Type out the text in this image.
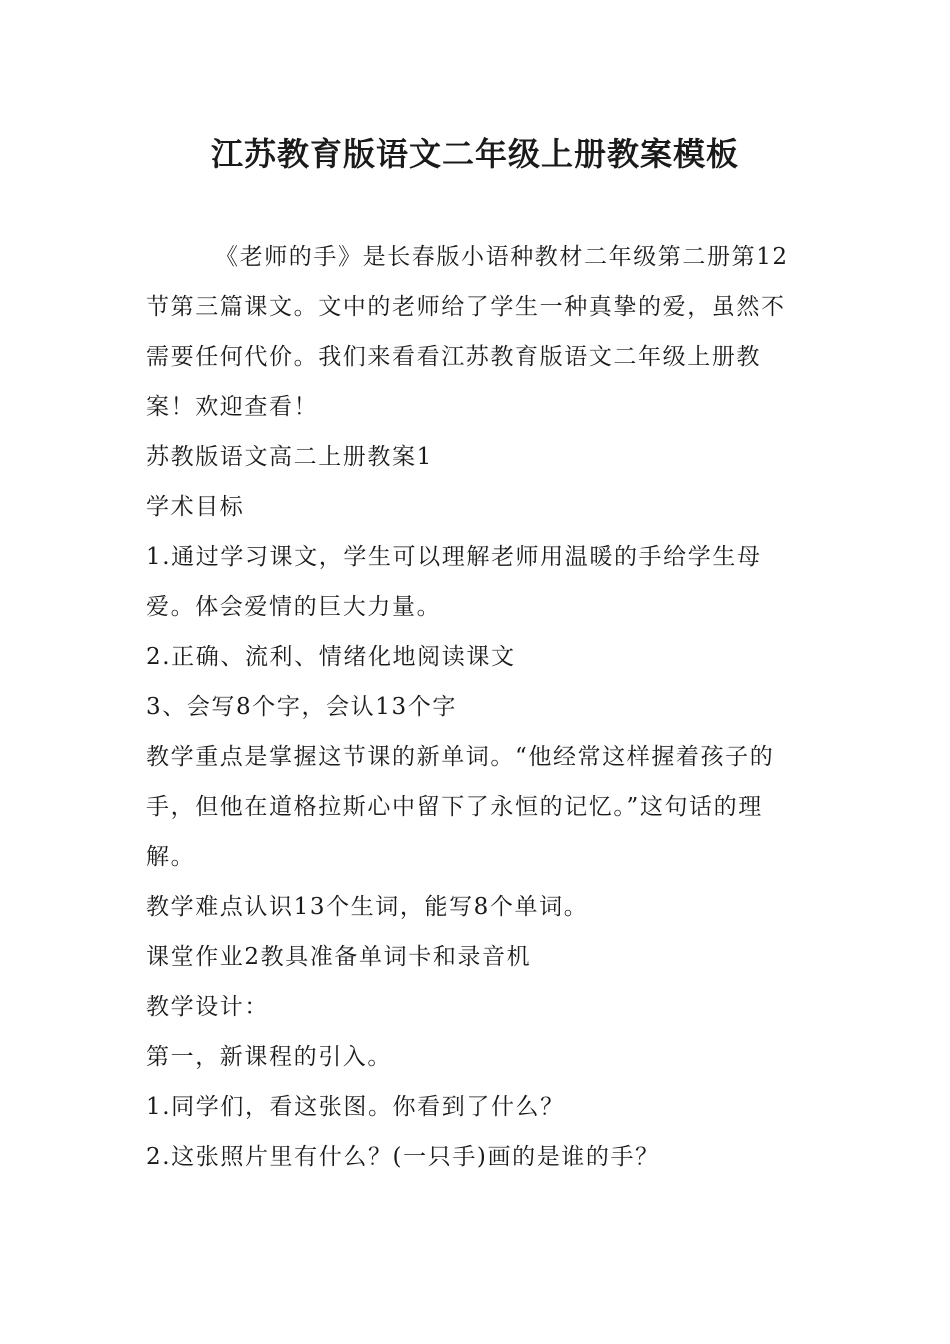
江苏教育版语文二年级上册教案模板

《老师的手》是长春版小语种教材二年级第二册第12节第三篇课文。文中的老师给了学生一种真挚的爱，虽然不需要任何代价。我们来看看江苏教育版语文二年级上册教案！欢迎查看！

苏教版语文高二上册教案1

学术目标

1.通过学习课文，学生可以理解老师用温暖的手给学生母爱。体会爱情的巨大力量。

2.正确、流利、情绪化地阅读课文

3、会写8个字，会认13个字

教学重点是掌握这节课的新单词。“他经常这样握着孩子的手，但他在道格拉斯心中留下了永恒的记忆。”这句话的理解。

教学难点认识13个生词，能写8个单词。

课堂作业2教具准备单词卡和录音机

教学设计：

第一，新课程的引入。

1.同学们，看这张图。你看到了什么？

2.这张照片里有什么？(一只手)画的是谁的手？
